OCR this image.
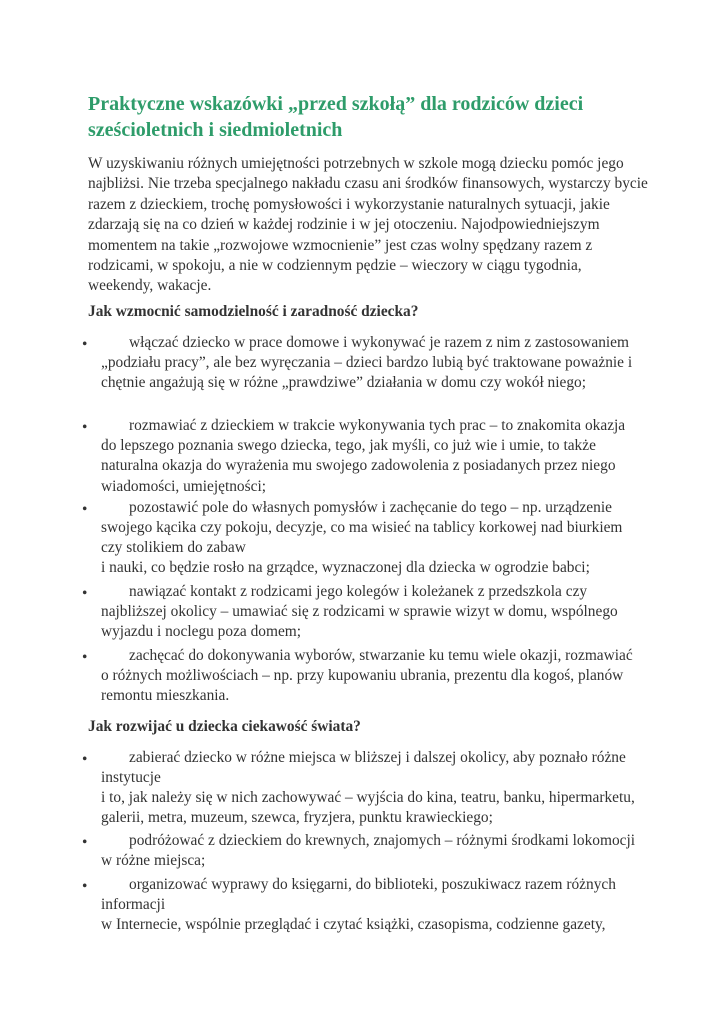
Praktyczne wskazówki „przed szkołą” dla rodziców dzieci sześcioletnich i siedmioletnich

W uzyskiwaniu różnych umiejętności potrzebnych w szkole mogą dziecku pomóc jego najbliżsi. Nie trzeba specjalnego nakładu czasu ani środków finansowych, wystarczy bycie razem z dzieckiem, trochę pomysłowości i wykorzystanie naturalnych sytuacji, jakie zdarzają się na co dzień w każdej rodzinie i w jej otoczeniu. Najodpowiedniejszym momentem na takie „rozwojowe wzmocnienie” jest czas wolny spędzany razem z rodzicami, w spokoju, a nie w codziennym pędzie – wieczory w ciągu tygodnia, weekendy, wakacje.

Jak wzmocnić samodzielność i zaradność dziecka?

•	włączać dziecko w prace domowe i wykonywać je razem z nim z zastosowaniem „podziału pracy”, ale bez wyręczania – dzieci bardzo lubią być traktowane poważnie i chętnie angażują się w różne „prawdziwe” działania w domu czy wokół niego;

•	rozmawiać z dzieckiem w trakcie wykonywania tych prac – to znakomita okazja do lepszego poznania swego dziecka, tego, jak myśli, co już wie i umie, to także naturalna okazja do wyrażenia mu swojego zadowolenia z posiadanych przez niego wiadomości, umiejętności;

•	pozostawić pole do własnych pomysłów i zachęcanie do tego – np. urządzenie swojego kącika czy pokoju, decyzje, co ma wisieć na tablicy korkowej nad biurkiem czy stolikiem do zabaw

i nauki, co będzie rosło na grządce, wyznaczonej dla dziecka w ogrodzie babci;

•	nawiązać kontakt z rodzicami jego kolegów i koleżanek z przedszkola czy najbliższej okolicy – umawiać się z rodzicami w sprawie wizyt w domu, wspólnego wyjazdu i noclegu poza domem;

•	zachęcać do dokonywania wyborów, stwarzanie ku temu wiele okazji, rozmawiać o różnych możliwościach – np. przy kupowaniu ubrania, prezentu dla kogoś, planów remontu mieszkania.

Jak rozwijać u dziecka ciekawość świata?

•	zabierać dziecko w różne miejsca w bliższej i dalszej okolicy, aby poznało różne instytucje

i to, jak należy się w nich zachowywać – wyjścia do kina, teatru, banku, hipermarketu, galerii, metra, muzeum, szewca, fryzjera, punktu krawieckiego;

•	podróżować z dzieckiem do krewnych, znajomych – różnymi środkami lokomocji w różne miejsca;

•	organizować wyprawy do księgarni, do biblioteki, poszukiwacz razem różnych informacji

w Internecie, wspólnie przeglądać i czytać książki, czasopisma, codzienne gazety,
